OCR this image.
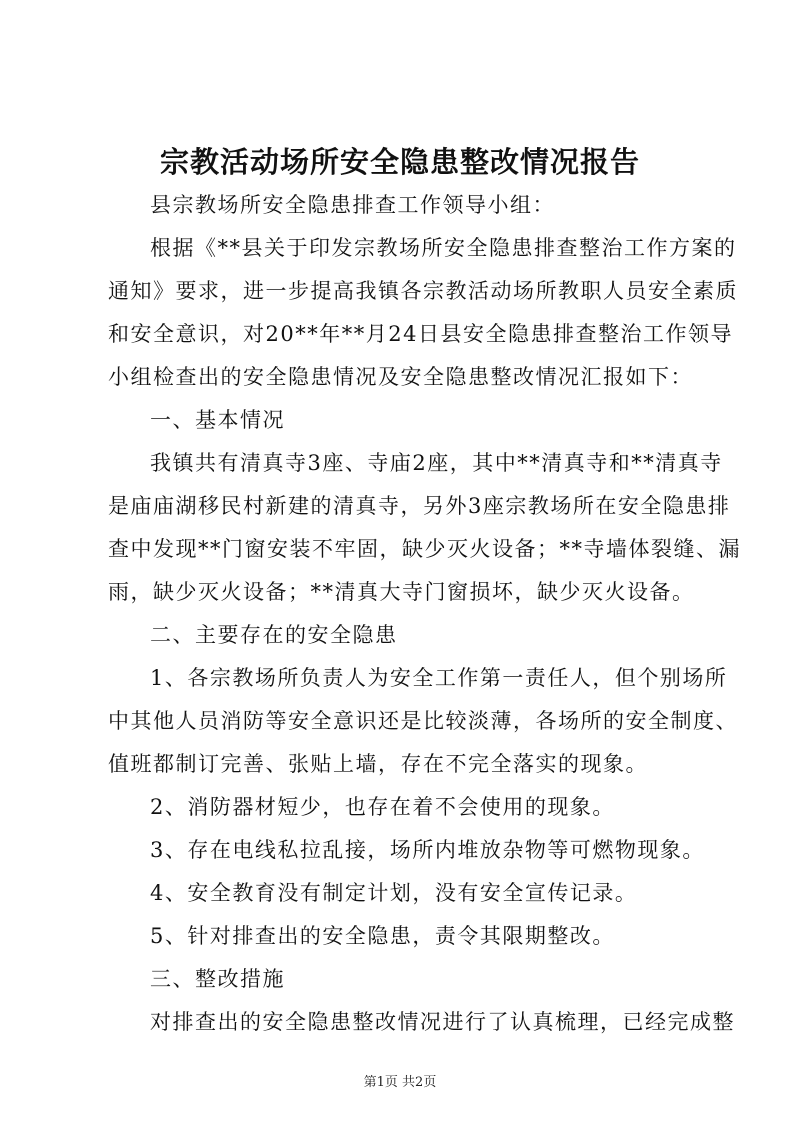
宗教活动场所安全隐患整改情况报告

县宗教场所安全隐患排查工作领导小组：

根据《**县关于印发宗教场所安全隐患排查整治工作方案的

通知》要求，进一步提高我镇各宗教活动场所教职人员安全素质

和安全意识，对20**年**月24日县安全隐患排查整治工作领导

小组检查出的安全隐患情况及安全隐患整改情况汇报如下：

一、基本情况

我镇共有清真寺3座、寺庙2座，其中**清真寺和**清真寺

是庙庙湖移民村新建的清真寺，另外3座宗教场所在安全隐患排

查中发现**门窗安装不牢固，缺少灭火设备；**寺墙体裂缝、漏

雨，缺少灭火设备；**清真大寺门窗损坏，缺少灭火设备。

二、主要存在的安全隐患

1、各宗教场所负责人为安全工作第一责任人，但个别场所

中其他人员消防等安全意识还是比较淡薄，各场所的安全制度、

值班都制订完善、张贴上墙，存在不完全落实的现象。

2、消防器材短少，也存在着不会使用的现象。

3、存在电线私拉乱接，场所内堆放杂物等可燃物现象。

4、安全教育没有制定计划，没有安全宣传记录。

5、针对排查出的安全隐患，责令其限期整改。

三、整改措施

对排查出的安全隐患整改情况进行了认真梳理，已经完成整

第1页 共2页
